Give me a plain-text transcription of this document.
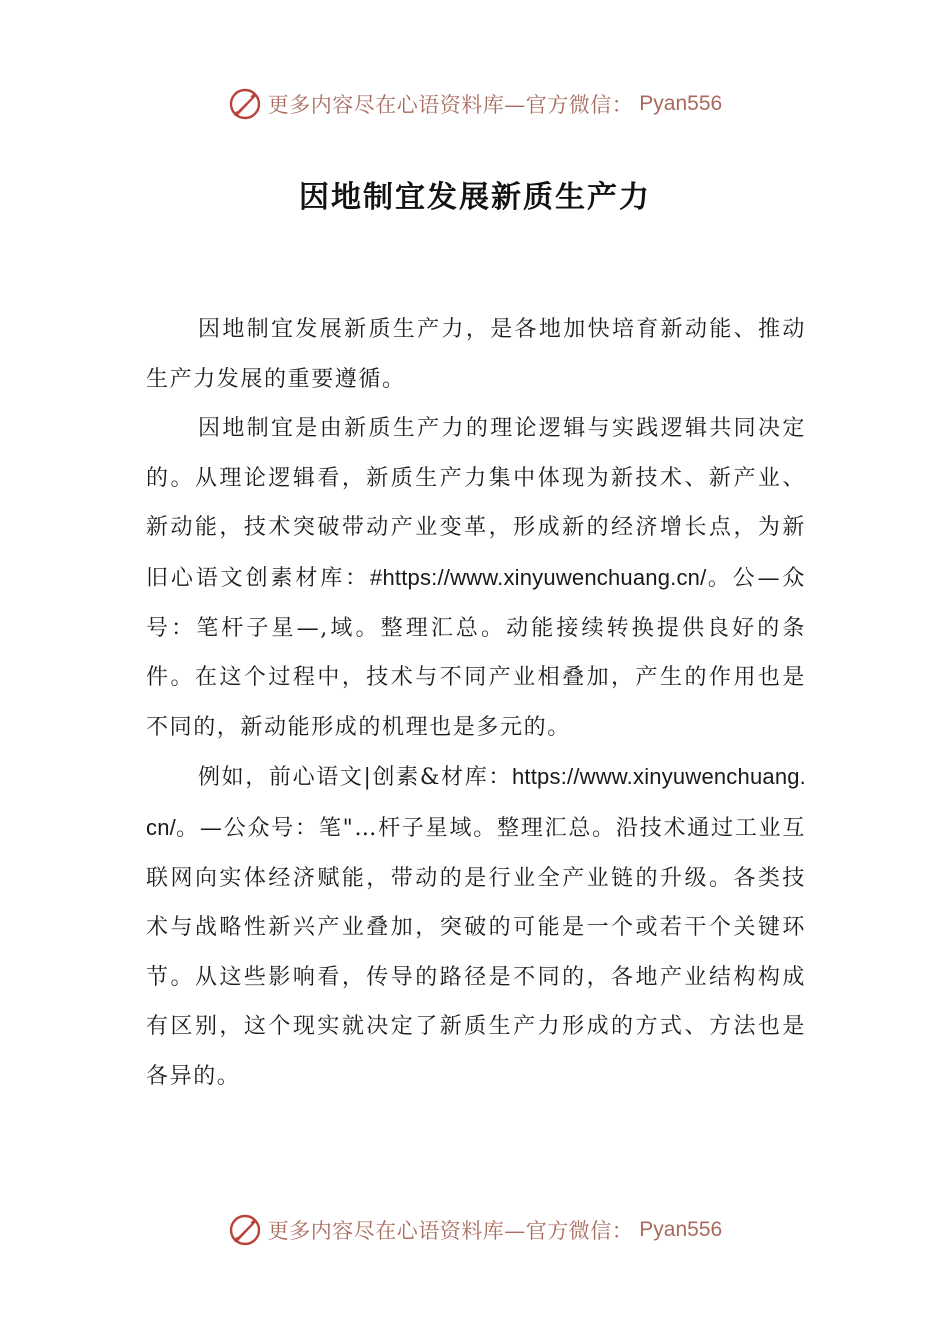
更多内容尽在心语资料库—官方微信： Pyan556
因地制宜发展新质生产力

因地制宜发展新质生产力，是各地加快培育新动能、推动生产力发展的重要遵循。

因地制宜是由新质生产力的理论逻辑与实践逻辑共同决定的。从理论逻辑看，新质生产力集中体现为新技术、新产业、新动能，技术突破带动产业变革，形成新的经济增长点，为新旧心语文创素材库：#https://www.xinyuwenchuang.cn/。公—众号：笔杆子星—,域。整理汇总。动能接续转换提供良好的条件。在这个过程中，技术与不同产业相叠加，产生的作用也是不同的，新动能形成的机理也是多元的。

例如，前心语文|创素&材库：https://www.xinyuwenchuang.cn/。—公众号：笔"…杆子星域。整理汇总。沿技术通过工业互联网向实体经济赋能，带动的是行业全产业链的升级。各类技术与战略性新兴产业叠加，突破的可能是一个或若干个关键环节。从这些影响看，传导的路径是不同的，各地产业结构构成有区别，这个现实就决定了新质生产力形成的方式、方法也是各异的。

更多内容尽在心语资料库—官方微信： Pyan556
